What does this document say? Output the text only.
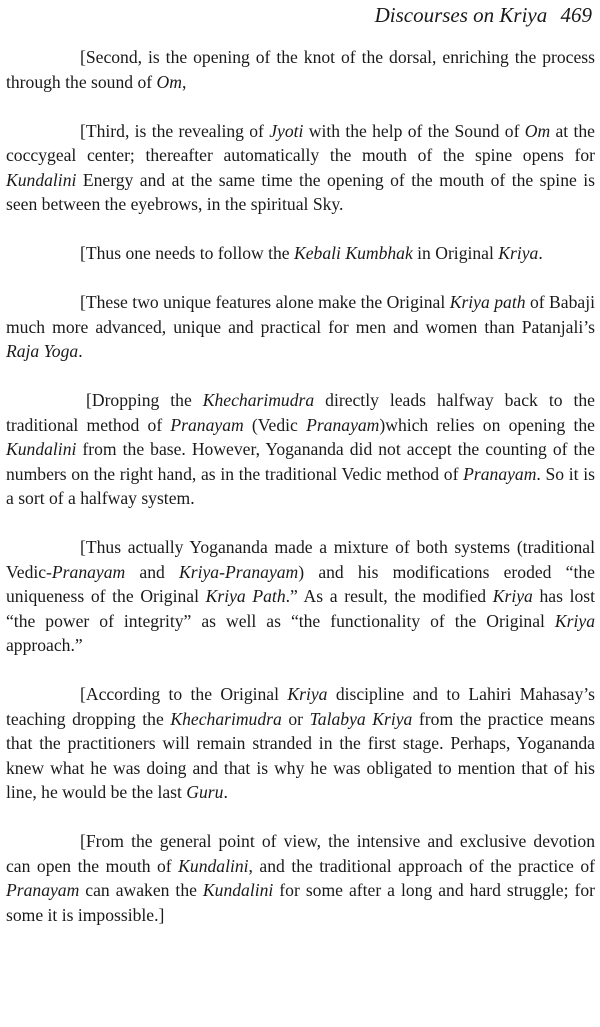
Discourses on Kriya 469

[Second, is the opening of the knot of the dorsal, enriching the process through the sound of Om,

[Third, is the revealing of Jyoti with the help of the Sound of Om at the coccygeal center; thereafter automatically the mouth of the spine opens for Kundalini Energy and at the same time the opening of the mouth of the spine is seen between the eyebrows, in the spiritual Sky.

[Thus one needs to follow the Kebali Kumbhak in Original Kriya.

[These two unique features alone make the Original Kriya path of Babaji much more advanced, unique and practical for men and women than Patanjali’s Raja Yoga.

[Dropping the Khecharimudra directly leads halfway back to the traditional method of Pranayam (Vedic Pranayam)which relies on opening the Kundalini from the base. However, Yogananda did not accept the counting of the numbers on the right hand, as in the traditional Vedic method of Pranayam. So it is a sort of a halfway system.

[Thus actually Yogananda made a mixture of both systems (traditional Vedic-Pranayam and Kriya-Pranayam) and his modifications eroded “the uniqueness of the Original Kriya Path.” As a result, the modified Kriya has lost “the power of integrity” as well as “the functionality of the Original Kriya approach.”

[According to the Original Kriya discipline and to Lahiri Mahasay’s teaching dropping the Khecharimudra or Talabya Kriya from the practice means that the practitioners will remain stranded in the first stage. Perhaps, Yogananda knew what he was doing and that is why he was obligated to mention that of his line, he would be the last Guru.

[From the general point of view, the intensive and exclusive devotion can open the mouth of Kundalini, and the traditional approach of the practice of Pranayam can awaken the Kundalini for some after a long and hard struggle; for some it is impossible.]
